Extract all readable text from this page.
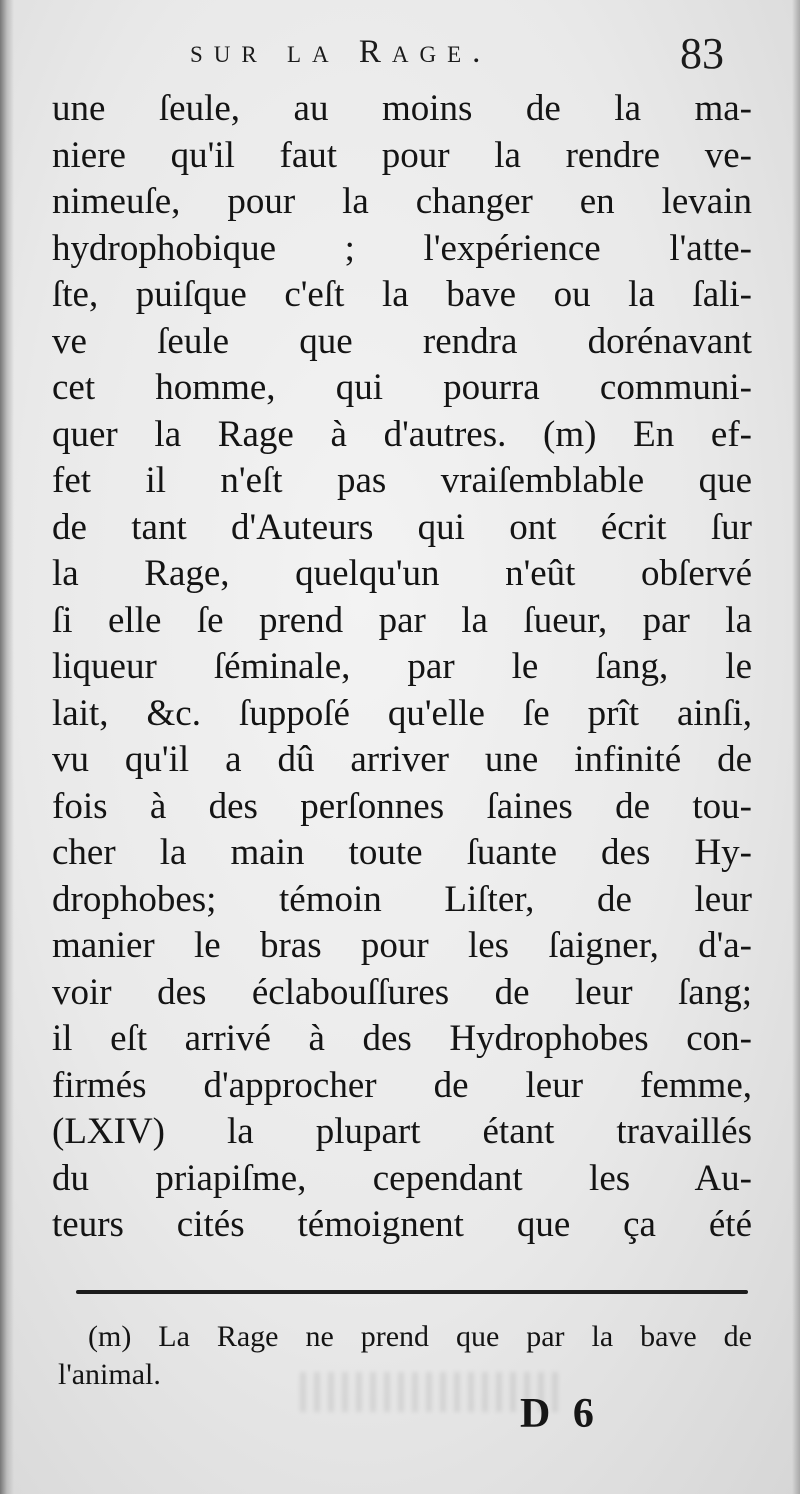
sur la Rage.	83
une ſeule, au moins de la ma-
niere qu'il faut pour la rendre ve-
nimeuſe, pour la changer en levain
hydrophobique ; l'expérience l'atte-
ſte, puiſque c'eſt la bave ou la ſali-
ve ſeule que rendra dorénavant
cet homme, qui pourra communi-
quer la Rage à d'autres. (m) En ef-
fet il n'eſt pas vraiſemblable que
de tant d'Auteurs qui ont écrit ſur
la Rage, quelqu'un n'eût obſervé
ſi elle ſe prend par la ſueur, par la
liqueur ſéminale, par le ſang, le
lait, &c. ſuppoſé qu'elle ſe prît ainſi,
vu qu'il a dû arriver une infinité de
fois à des perſonnes ſaines de tou-
cher la main toute ſuante des Hy-
drophobes; témoin Liſter, de leur
manier le bras pour les ſaigner, d'a-
voir des éclabouſſures de leur ſang;
il eſt arrivé à des Hydrophobes con-
firmés d'approcher de leur femme,
(LXIV) la plupart étant travaillés
du priapiſme, cependant les Au-
teurs cités témoignent que ça été
(m) La Rage ne prend que par la bave de
l'animal.
D 6
